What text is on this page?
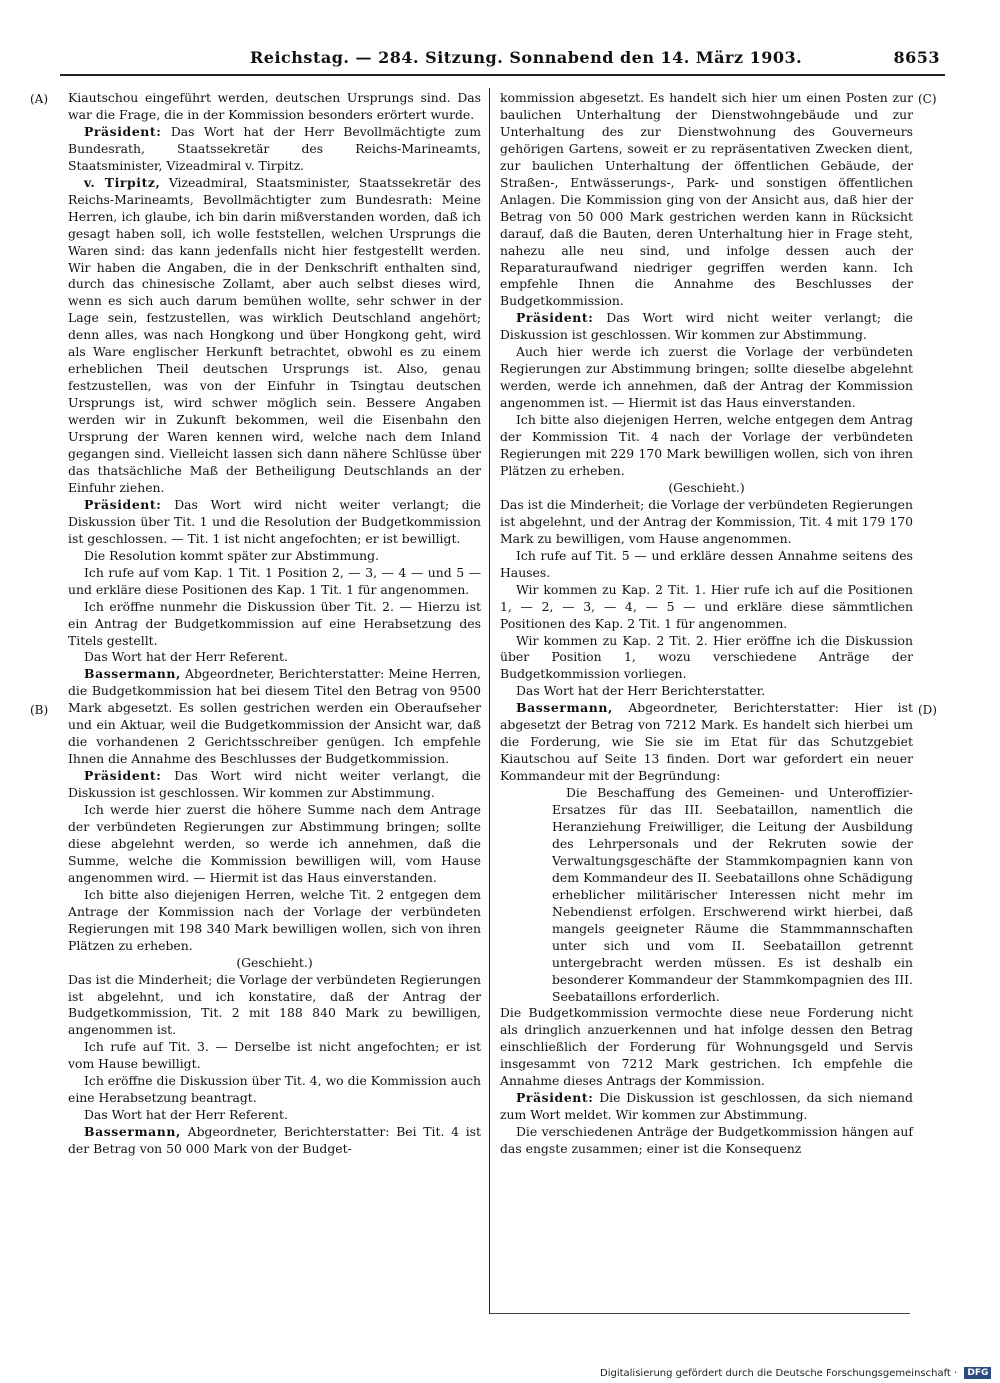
Reichstag. — 284. Sitzung. Sonnabend den 14. März 1903.	8653
(A)
(B)
(C)
(D)

Kiautschou eingeführt werden, deutschen Ursprungs sind. Das war die Frage, die in der Kommission besonders erörtert wurde.

Präsident: Das Wort hat der Herr Bevollmächtigte zum Bundesrath, Staatssekretär des Reichs-Marineamts, Staatsminister, Vizeadmiral v. Tirpitz.

v. Tirpitz, Vizeadmiral, Staatsminister, Staatssekretär des Reichs-Marineamts, Bevollmächtigter zum Bundesrath: Meine Herren, ich glaube, ich bin darin mißverstanden worden, daß ich gesagt haben soll, ich wolle feststellen, welchen Ursprungs die Waren sind: das kann jedenfalls nicht hier festgestellt werden. Wir haben die Angaben, die in der Denkschrift enthalten sind, durch das chinesische Zollamt, aber auch selbst dieses wird, wenn es sich auch darum bemühen wollte, sehr schwer in der Lage sein, festzustellen, was wirklich Deutschland angehört; denn alles, was nach Hongkong und über Hongkong geht, wird als Ware englischer Herkunft betrachtet, obwohl es zu einem erheblichen Theil deutschen Ursprungs ist. Also, genau festzustellen, was von der Einfuhr in Tsingtau deutschen Ursprungs ist, wird schwer möglich sein. Bessere Angaben werden wir in Zukunft bekommen, weil die Eisenbahn den Ursprung der Waren kennen wird, welche nach dem Inland gegangen sind. Vielleicht lassen sich dann nähere Schlüsse über das thatsächliche Maß der Betheiligung Deutschlands an der Einfuhr ziehen.

Präsident: Das Wort wird nicht weiter verlangt; die Diskussion über Tit. 1 und die Resolution der Budgetkommission ist geschlossen. — Tit. 1 ist nicht angefochten; er ist bewilligt.

Die Resolution kommt später zur Abstimmung.

Ich rufe auf vom Kap. 1 Tit. 1 Position 2, — 3, — 4 — und 5 — und erkläre diese Positionen des Kap. 1 Tit. 1 für angenommen.

Ich eröffne nunmehr die Diskussion über Tit. 2. — Hierzu ist ein Antrag der Budgetkommission auf eine Herabsetzung des Titels gestellt.

Das Wort hat der Herr Referent.

Bassermann, Abgeordneter, Berichterstatter: Meine Herren, die Budgetkommission hat bei diesem Titel den Betrag von 9500 Mark abgesetzt. Es sollen gestrichen werden ein Oberaufseher und ein Aktuar, weil die Budgetkommission der Ansicht war, daß die vorhandenen 2 Gerichtsschreiber genügen. Ich empfehle Ihnen die Annahme des Beschlusses der Budgetkommission.

Präsident: Das Wort wird nicht weiter verlangt, die Diskussion ist geschlossen. Wir kommen zur Abstimmung.

Ich werde hier zuerst die höhere Summe nach dem Antrage der verbündeten Regierungen zur Abstimmung bringen; sollte diese abgelehnt werden, so werde ich annehmen, daß die Summe, welche die Kommission bewilligen will, vom Hause angenommen wird. — Hiermit ist das Haus einverstanden.

Ich bitte also diejenigen Herren, welche Tit. 2 entgegen dem Antrage der Kommission nach der Vorlage der verbündeten Regierungen mit 198 340 Mark bewilligen wollen, sich von ihren Plätzen zu erheben.

(Geschieht.)

Das ist die Minderheit; die Vorlage der verbündeten Regierungen ist abgelehnt, und ich konstatire, daß der Antrag der Budgetkommission, Tit. 2 mit 188 840 Mark zu bewilligen, angenommen ist.

Ich rufe auf Tit. 3. — Derselbe ist nicht angefochten; er ist vom Hause bewilligt.

Ich eröffne die Diskussion über Tit. 4, wo die Kommission auch eine Herabsetzung beantragt.

Das Wort hat der Herr Referent.

Bassermann, Abgeordneter, Berichterstatter: Bei Tit. 4 ist der Betrag von 50 000 Mark von der Budget-

kommission abgesetzt. Es handelt sich hier um einen Posten zur baulichen Unterhaltung der Dienstwohngebäude und zur Unterhaltung des zur Dienstwohnung des Gouverneurs gehörigen Gartens, soweit er zu repräsentativen Zwecken dient, zur baulichen Unterhaltung der öffentlichen Gebäude, der Straßen-, Entwässerungs-, Park- und sonstigen öffentlichen Anlagen. Die Kommission ging von der Ansicht aus, daß hier der Betrag von 50 000 Mark gestrichen werden kann in Rücksicht darauf, daß die Bauten, deren Unterhaltung hier in Frage steht, nahezu alle neu sind, und infolge dessen auch der Reparaturaufwand niedriger gegriffen werden kann. Ich empfehle Ihnen die Annahme des Beschlusses der Budgetkommission.

Präsident: Das Wort wird nicht weiter verlangt; die Diskussion ist geschlossen. Wir kommen zur Abstimmung.

Auch hier werde ich zuerst die Vorlage der verbündeten Regierungen zur Abstimmung bringen; sollte dieselbe abgelehnt werden, werde ich annehmen, daß der Antrag der Kommission angenommen ist. — Hiermit ist das Haus einverstanden.

Ich bitte also diejenigen Herren, welche entgegen dem Antrag der Kommission Tit. 4 nach der Vorlage der verbündeten Regierungen mit 229 170 Mark bewilligen wollen, sich von ihren Plätzen zu erheben.

(Geschieht.)

Das ist die Minderheit; die Vorlage der verbündeten Regierungen ist abgelehnt, und der Antrag der Kommission, Tit. 4 mit 179 170 Mark zu bewilligen, vom Hause angenommen.

Ich rufe auf Tit. 5 — und erkläre dessen Annahme seitens des Hauses.

Wir kommen zu Kap. 2 Tit. 1. Hier rufe ich auf die Positionen 1, — 2, — 3, — 4, — 5 — und erkläre diese sämmtlichen Positionen des Kap. 2 Tit. 1 für angenommen.

Wir kommen zu Kap. 2 Tit. 2. Hier eröffne ich die Diskussion über Position 1, wozu verschiedene Anträge der Budgetkommission vorliegen.

Das Wort hat der Herr Berichterstatter.

Bassermann, Abgeordneter, Berichterstatter: Hier ist abgesetzt der Betrag von 7212 Mark. Es handelt sich hierbei um die Forderung, wie Sie sie im Etat für das Schutzgebiet Kiautschou auf Seite 13 finden. Dort war gefordert ein neuer Kommandeur mit der Begründung:

Die Beschaffung des Gemeinen- und Unteroffizier-Ersatzes für das III. Seebataillon, namentlich die Heranziehung Freiwilliger, die Leitung der Ausbildung des Lehrpersonals und der Rekruten sowie der Verwaltungsgeschäfte der Stammkompagnien kann von dem Kommandeur des II. Seebataillons ohne Schädigung erheblicher militärischer Interessen nicht mehr im Nebendienst erfolgen. Erschwerend wirkt hierbei, daß mangels geeigneter Räume die Stammmannschaften unter sich und vom II. Seebataillon getrennt untergebracht werden müssen. Es ist deshalb ein besonderer Kommandeur der Stammkompagnien des III. Seebataillons erforderlich.

Die Budgetkommission vermochte diese neue Forderung nicht als dringlich anzuerkennen und hat infolge dessen den Betrag einschließlich der Forderung für Wohnungsgeld und Servis insgesammt von 7212 Mark gestrichen. Ich empfehle die Annahme dieses Antrags der Kommission.

Präsident: Die Diskussion ist geschlossen, da sich niemand zum Wort meldet. Wir kommen zur Abstimmung.

Die verschiedenen Anträge der Budgetkommission hängen auf das engste zusammen; einer ist die Konsequenz

Digitalisierung gefördert durch die Deutsche Forschungsgemeinschaft · DFG
